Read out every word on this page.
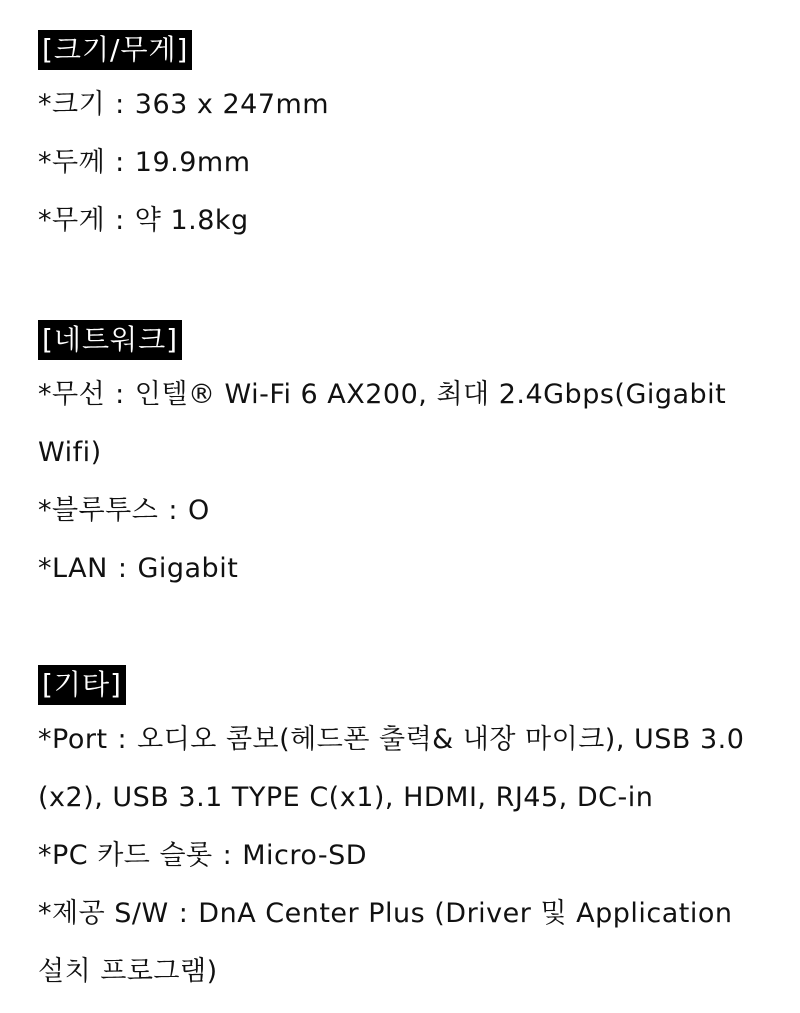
[크기/무게]
*크기 : 363 x 247mm
*두께 : 19.9mm
*무게 : 약 1.8kg
[네트워크]
*무선 : 인텔® Wi-Fi 6 AX200, 최대 2.4Gbps(Gigabit Wifi)
*블루투스 : O
*LAN : Gigabit
[기타]
*Port : 오디오 콤보(헤드폰 출력& 내장 마이크), USB 3.0 (x2), USB 3.1 TYPE C(x1), HDMI, RJ45, DC-in
*PC 카드 슬롯 : Micro-SD
*제공 S/W : DnA Center Plus (Driver 및 Application 설치 프로그램)
